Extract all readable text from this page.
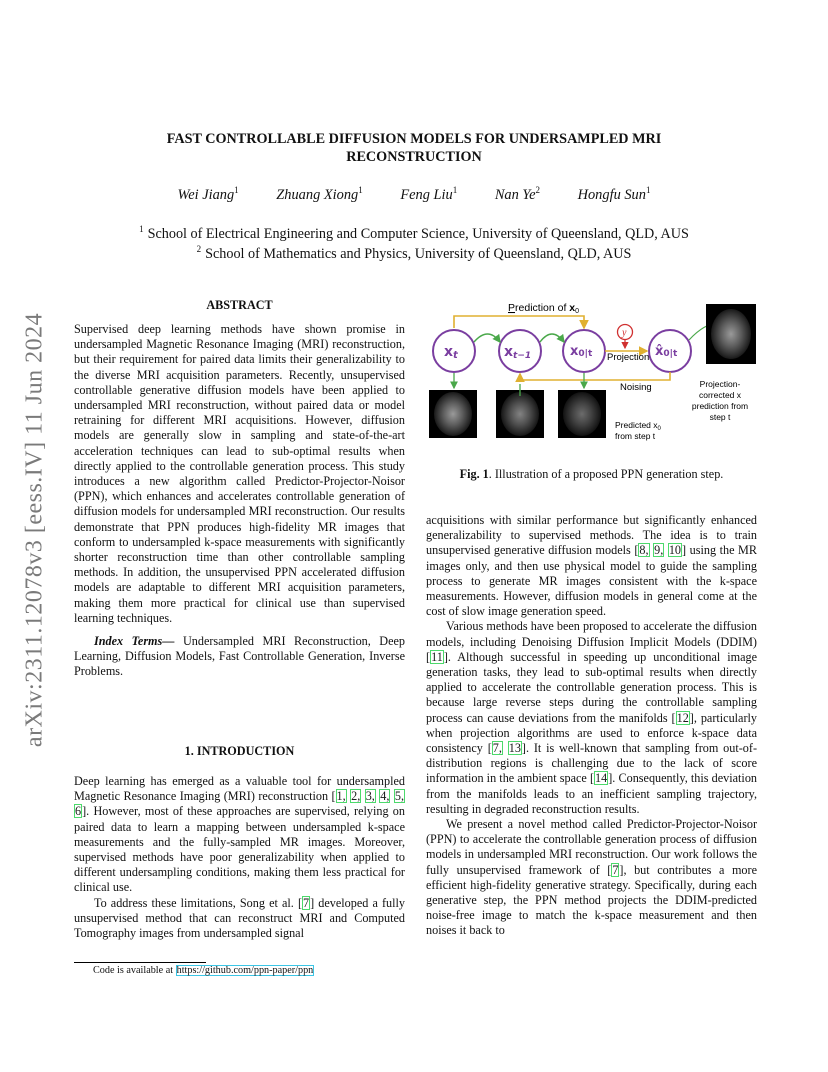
arXiv:2311.12078v3 [eess.IV] 11 Jun 2024
FAST CONTROLLABLE DIFFUSION MODELS FOR UNDERSAMPLED MRI
RECONSTRUCTION
Wei Jiang$^1$	Zhuang Xiong$^1$	Feng Liu$^1$	Nan Ye$^2$	Hongfu Sun$^1$
$^1$ School of Electrical Engineering and Computer Science, University of Queensland, QLD, AUS
$^2$ School of Mathematics and Physics, University of Queensland, QLD, AUS
ABSTRACT

Supervised deep learning methods have shown promise in undersampled Magnetic Resonance Imaging (MRI) reconstruction, but their requirement for paired data limits their generalizability to the diverse MRI acquisition parameters. Recently, unsupervised controllable generative diffusion models have been applied to undersampled MRI reconstruction, without paired data or model retraining for different MRI acquisitions. However, diffusion models are generally slow in sampling and state-of-the-art acceleration techniques can lead to sub-optimal results when directly applied to the controllable generation process. This study introduces a new algorithm called Predictor-Projector-Noisor (PPN), which enhances and accelerates controllable generation of diffusion models for undersampled MRI reconstruction. Our results demonstrate that PPN produces high-fidelity MR images that conform to undersampled k-space measurements with significantly shorter reconstruction time than other controllable sampling methods. In addition, the unsupervised PPN accelerated diffusion models are adaptable to different MRI acquisition parameters, making them more practical for clinical use than supervised learning techniques.

Index Terms— Undersampled MRI Reconstruction, Deep Learning, Diffusion Models, Fast Controllable Generation, Inverse Problems.

1. INTRODUCTION

Deep learning has emerged as a valuable tool for undersampled Magnetic Resonance Imaging (MRI) reconstruction [1, 2, 3, 4, 5, 6]. However, most of these approaches are supervised, relying on paired data to learn a mapping between undersampled k-space measurements and the fully-sampled MR images. Moreover, supervised methods have poor generalizability when applied to different undersampling conditions, making them less practical for clinical use.

To address these limitations, Song et al. [7] developed a fully unsupervised method that can reconstruct MRI and Computed Tomography images from undersampled signal

Code is available at https://github.com/ppn-paper/ppn
Prediction of x0
xt	xt−1	x0|t	x̂0|t
Projection
y
Noising
Predicted $x_0$
from step t
Projection-
corrected x
prediction from
step t
Fig. 1. Illustration of a proposed PPN generation step.

acquisitions with similar performance but significantly enhanced generalizability to supervised methods. The idea is to train unsupervised generative diffusion models [8, 9, 10] using the MR images only, and then use physical model to guide the sampling process to generate MR images consistent with the k-space measurements. However, diffusion models in general come at the cost of slow image generation speed.

Various methods have been proposed to accelerate the diffusion models, including Denoising Diffusion Implicit Models (DDIM) [11]. Although successful in speeding up unconditional image generation tasks, they lead to sub-optimal results when directly applied to accelerate the controllable generation process. This is because large reverse steps during the controllable sampling process can cause deviations from the manifolds [12], particularly when projection algorithms are used to enforce k-space data consistency [7, 13]. It is well-known that sampling from out-of-distribution regions is challenging due to the lack of score information in the ambient space [14]. Consequently, this deviation from the manifolds leads to an inefficient sampling trajectory, resulting in degraded reconstruction results.

We present a novel method called Predictor-Projector-Noisor (PPN) to accelerate the controllable generation process of diffusion models in undersampled MRI reconstruction. Our work follows the fully unsupervised framework of [7], but contributes a more efficient high-fidelity generative strategy. Specifically, during each generative step, the PPN method projects the DDIM-predicted noise-free image to match the k-space measurement and then noises it back to
